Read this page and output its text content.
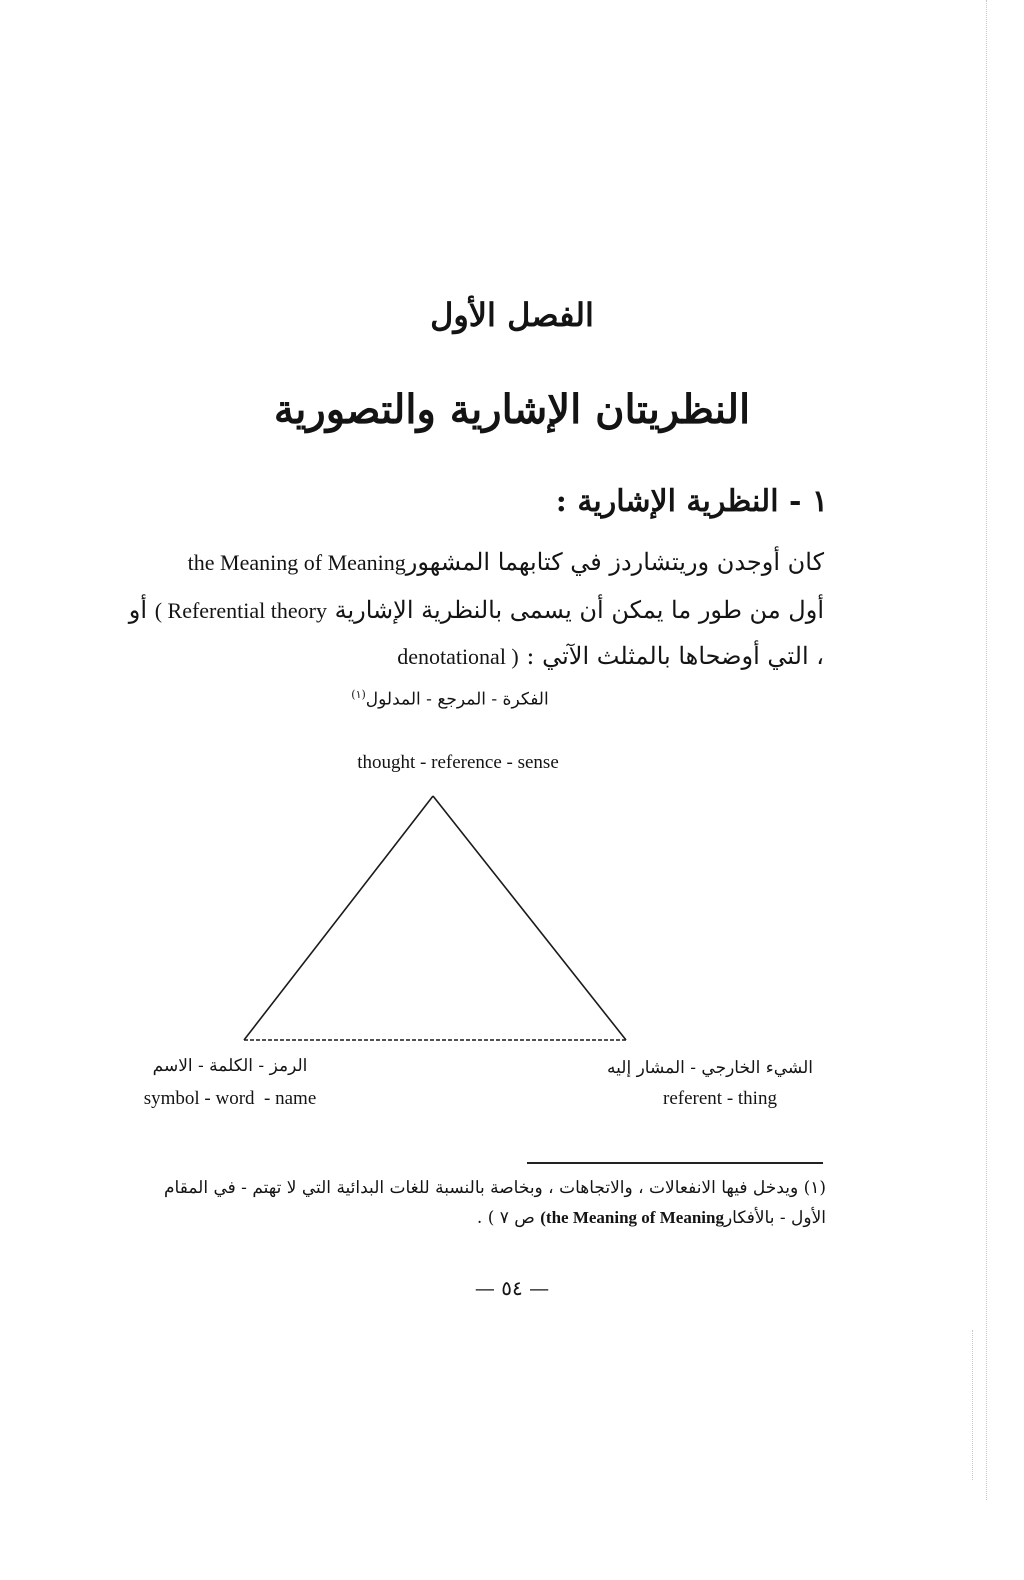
الفصل الأول
النظريتان الإشارية والتصورية
١ - النظرية الإشارية :
كان أوجدن وريتشاردز في كتابهما المشهورthe Meaning of Meaning
أول من طور ما يمكن أن يسمى بالنظرية الإشارية ( Referential theory أو
، التي أوضحاها بالمثلث الآتي : denotational )
الفكرة - المرجع - المدلول$^{(١)}$
thought - reference - sense
الرمز - الكلمة - الاسم
symbol - word  - name
الشيء الخارجي - المشار إليه
referent - thing
(١) ويدخل فيها الانفعالات ، والاتجاهات ، وبخاصة بالنسبة للغات البدائية التي لا تهتم - في المقام
الأول - بالأفكار(the Meaning of Meaning ص ٧ ) .
— ٥٤ —
